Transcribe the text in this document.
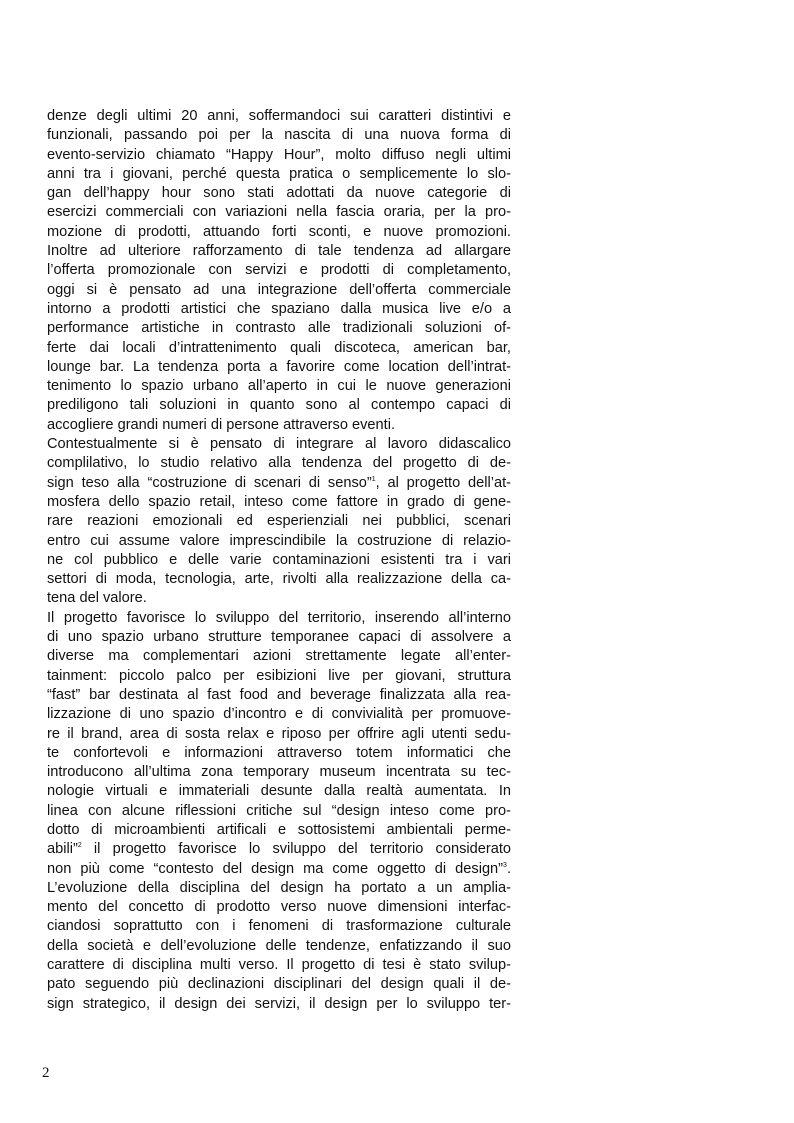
denze degli ultimi 20 anni, soffermandoci sui caratteri distintivi e
funzionali, passando poi per la nascita di una nuova forma di
evento-servizio chiamato “Happy Hour”, molto diffuso negli ultimi
anni tra i giovani, perché questa pratica o semplicemente lo slo-
gan dell’happy hour sono stati adottati da nuove categorie di
esercizi commerciali con variazioni nella fascia oraria, per la pro-
mozione di prodotti, attuando forti sconti, e nuove promozioni.
Inoltre ad ulteriore rafforzamento di tale tendenza ad allargare
l’offerta promozionale con servizi e prodotti di completamento,
oggi si è pensato ad una integrazione dell’offerta commerciale
intorno a prodotti artistici che spaziano dalla musica live e/o a
performance artistiche in contrasto alle tradizionali soluzioni of-
ferte dai locali d’intrattenimento quali discoteca, american bar,
lounge bar. La tendenza porta a favorire come location dell’intrat-
tenimento lo spazio urbano all’aperto in cui le nuove generazioni
prediligono tali soluzioni in quanto sono al contempo capaci di
accogliere grandi numeri di persone attraverso eventi.
Contestualmente si è pensato di integrare al lavoro didascalico
complilativo, lo studio relativo alla tendenza del progetto di de-
sign teso alla “costruzione di scenari di senso”$^1$, al progetto dell’at-
mosfera dello spazio retail, inteso come fattore in grado di gene-
rare reazioni emozionali ed esperienziali nei pubblici, scenari
entro cui assume valore imprescindibile la costruzione di relazio-
ne col pubblico e delle varie contaminazioni esistenti tra i vari
settori di moda, tecnologia, arte, rivolti alla realizzazione della ca-
tena del valore.
Il progetto favorisce lo sviluppo del territorio, inserendo all’interno
di uno spazio urbano strutture temporanee capaci di assolvere a
diverse ma complementari azioni strettamente legate all’enter-
tainment: piccolo palco per esibizioni live per giovani, struttura
“fast” bar destinata al fast food and beverage finalizzata alla rea-
lizzazione di uno spazio d’incontro e di convivialità per promuove-
re il brand, area di sosta relax e riposo per offrire agli utenti sedu-
te confortevoli e informazioni attraverso totem informatici che
introducono all’ultima zona temporary museum incentrata su tec-
nologie virtuali e immateriali desunte dalla realtà aumentata. In
linea con alcune riflessioni critiche sul “design inteso come pro-
dotto di microambienti artificali e sottosistemi ambientali perme-
abili”$^2$ il progetto favorisce lo sviluppo del territorio considerato
non più come “contesto del design ma come oggetto di design”$^3$.
L’evoluzione della disciplina del design ha portato a un amplia-
mento del concetto di prodotto verso nuove dimensioni interfac-
ciandosi soprattutto con i fenomeni di trasformazione culturale
della società e dell’evoluzione delle tendenze, enfatizzando il suo
carattere di disciplina multi verso. Il progetto di tesi è stato svilup-
pato seguendo più declinazioni disciplinari del design quali il de-
sign strategico, il design dei servizi, il design per lo sviluppo ter-
2
